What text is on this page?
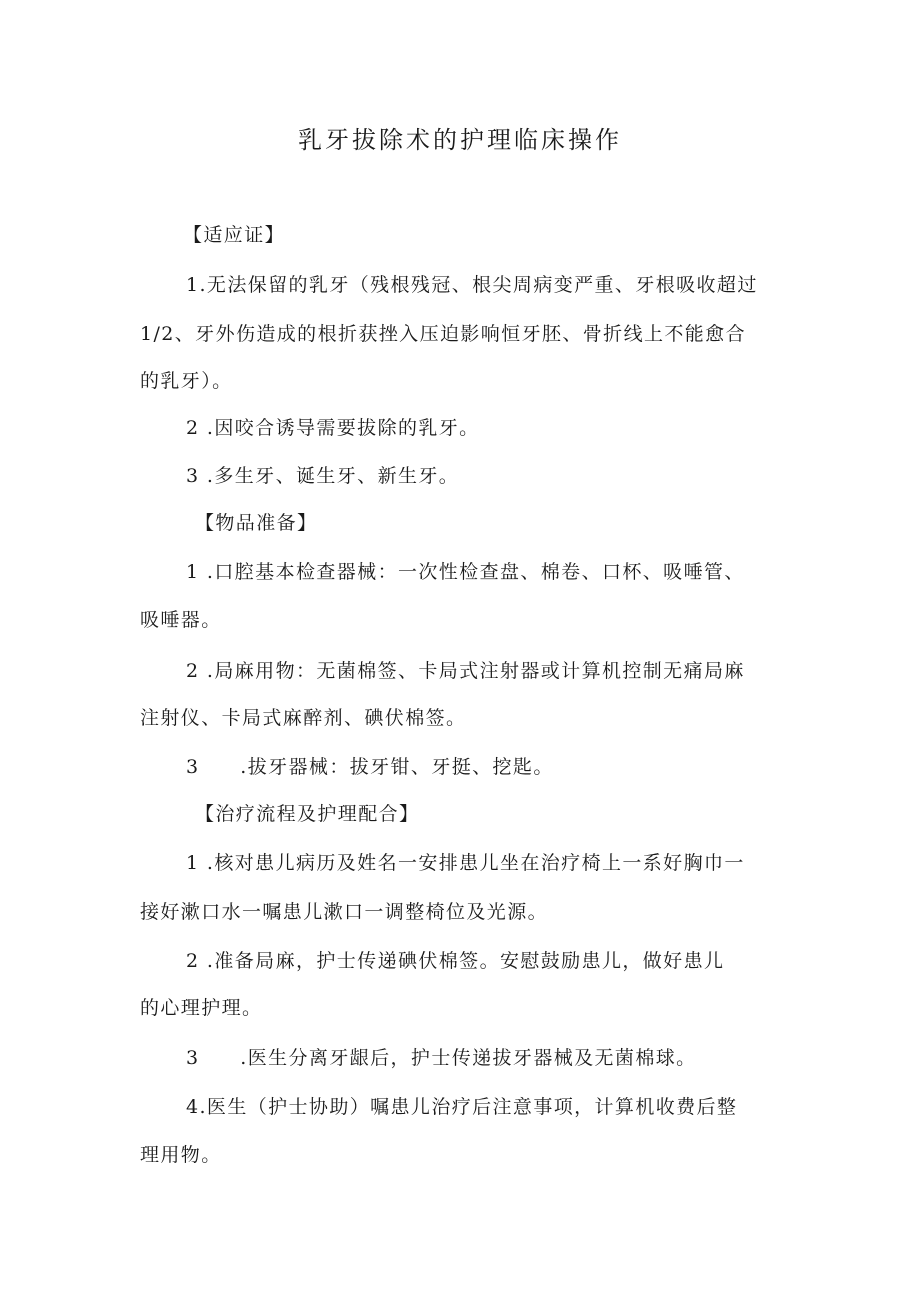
乳牙拔除术的护理临床操作
【适应证】
1.无法保留的乳牙（残根残冠、根尖周病变严重、牙根吸收超过
1/2、牙外伤造成的根折获挫入压迫影响恒牙胚、骨折线上不能愈合
的乳牙）。
2 .因咬合诱导需要拔除的乳牙。
3 .多生牙、诞生牙、新生牙。
【物品准备】
1 .口腔基本检查器械：一次性检查盘、棉卷、口杯、吸唾管、
吸唾器。
2 .局麻用物：无菌棉签、卡局式注射器或计算机控制无痛局麻
注射仪、卡局式麻醉剂、碘伏棉签。
3　　.拔牙器械：拔牙钳、牙挺、挖匙。
【治疗流程及护理配合】
1 .核对患儿病历及姓名一安排患儿坐在治疗椅上一系好胸巾一
接好漱口水一嘱患儿漱口一调整椅位及光源。
2 .准备局麻，护士传递碘伏棉签。安慰鼓励患儿，做好患儿
的心理护理。
3　　.医生分离牙龈后，护士传递拔牙器械及无菌棉球。
4.医生（护士协助）嘱患儿治疗后注意事项，计算机收费后整
理用物。
